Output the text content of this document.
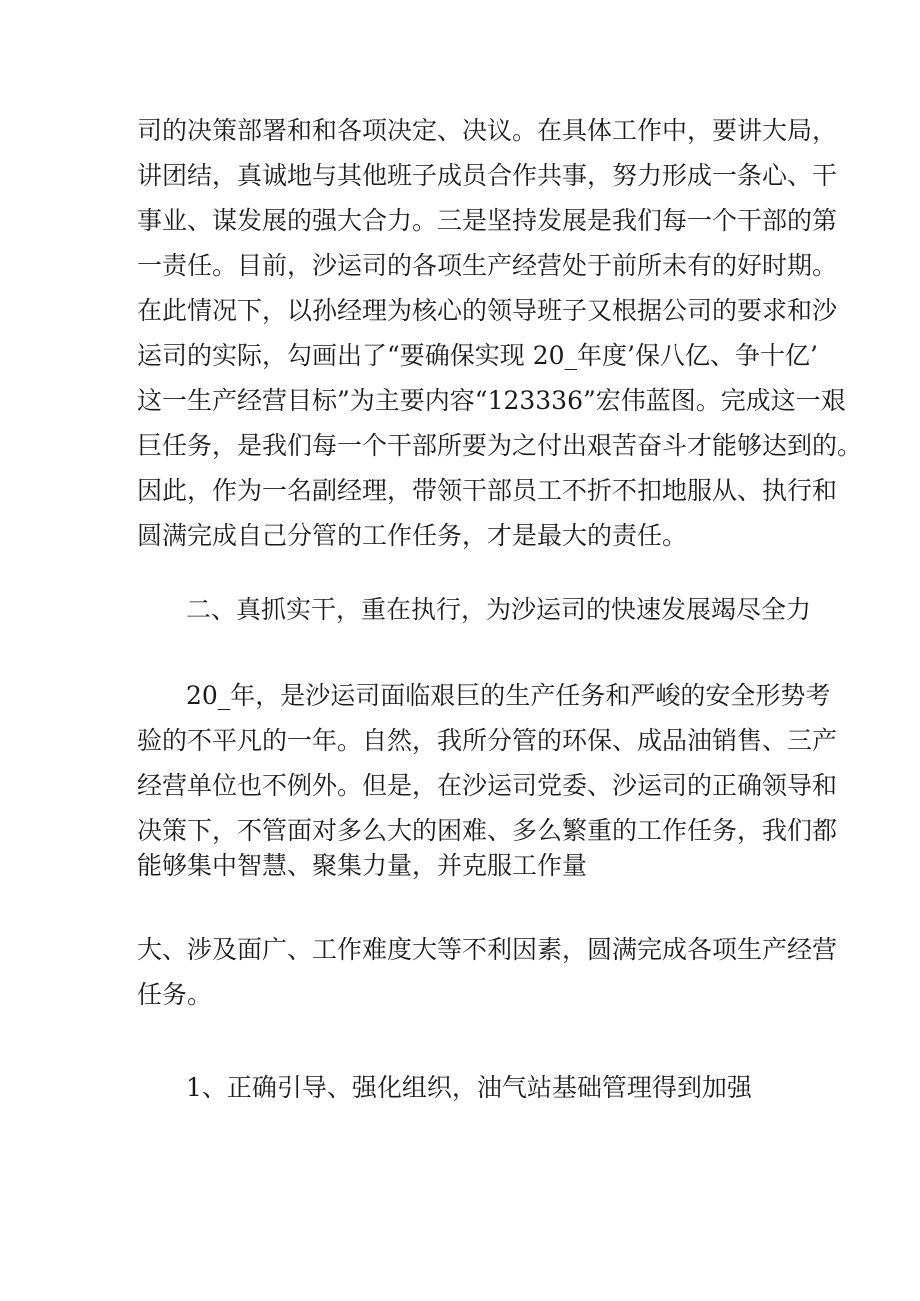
司的决策部署和和各项决定、决议。在具体工作中，要讲大局，
讲团结，真诚地与其他班子成员合作共事，努力形成一条心、干
事业、谋发展的强大合力。三是坚持发展是我们每一个干部的第
一责任。目前，沙运司的各项生产经营处于前所未有的好时期。
在此情况下，以孙经理为核心的领导班子又根据公司的要求和沙
运司的实际，勾画出了“要确保实现 20_年度’保八亿、争十亿’
这一生产经营目标”为主要内容“123336”宏伟蓝图。完成这一艰
巨任务，是我们每一个干部所要为之付出艰苦奋斗才能够达到的。
因此，作为一名副经理，带领干部员工不折不扣地服从、执行和
圆满完成自己分管的工作任务，才是最大的责任。
二、真抓实干，重在执行，为沙运司的快速发展竭尽全力
20_年，是沙运司面临艰巨的生产任务和严峻的安全形势考
验的不平凡的一年。自然，我所分管的环保、成品油销售、三产
经营单位也不例外。但是，在沙运司党委、沙运司的正确领导和
决策下，不管面对多么大的困难、多么繁重的工作任务，我们都
能够集中智慧、聚集力量，并克服工作量
大、涉及面广、工作难度大等不利因素，圆满完成各项生产经营
任务。
1、正确引导、强化组织，油气站基础管理得到加强
